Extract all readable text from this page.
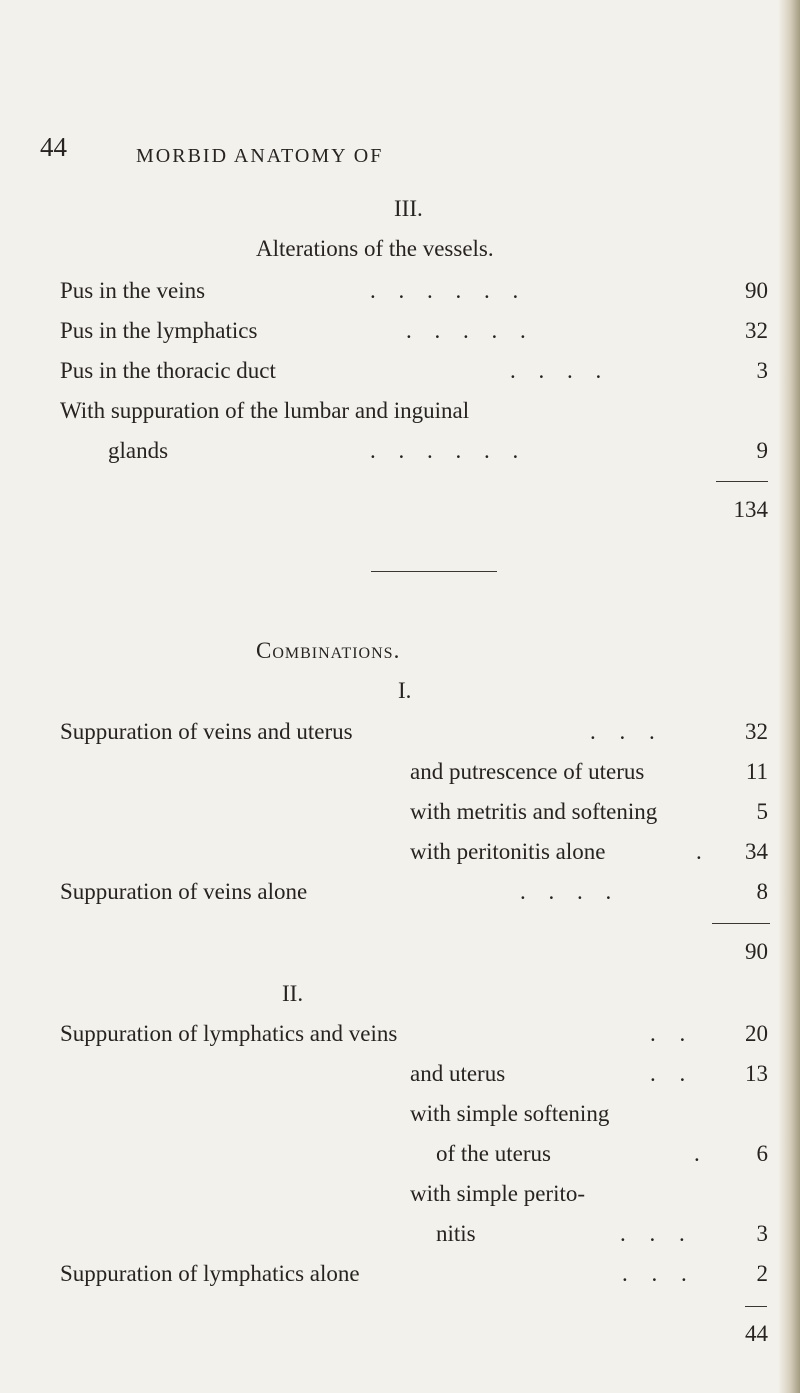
44	MORBID ANATOMY OF
III.
Alterations of the vessels.
Pus in the veins	. . . . . .	90
Pus in the lymphatics	. . . . .	32
Pus in the thoracic duct	. . . .	3
With suppuration of the lumbar and inguinal
glands	. . . . . .	9
134
Combinations.
I.
Suppuration of veins and uterus	. . .	32
and putrescence of uterus	11
with metritis and softening	5
with peritonitis alone	.	34
Suppuration of veins alone	. . . .	8
90
II.
Suppuration of lymphatics and veins	. .	20
and uterus	. .	13
with simple softening
of the uterus	.	6
with simple perito-
nitis	. . .	3
Suppuration of lymphatics alone	. . .	2
44
